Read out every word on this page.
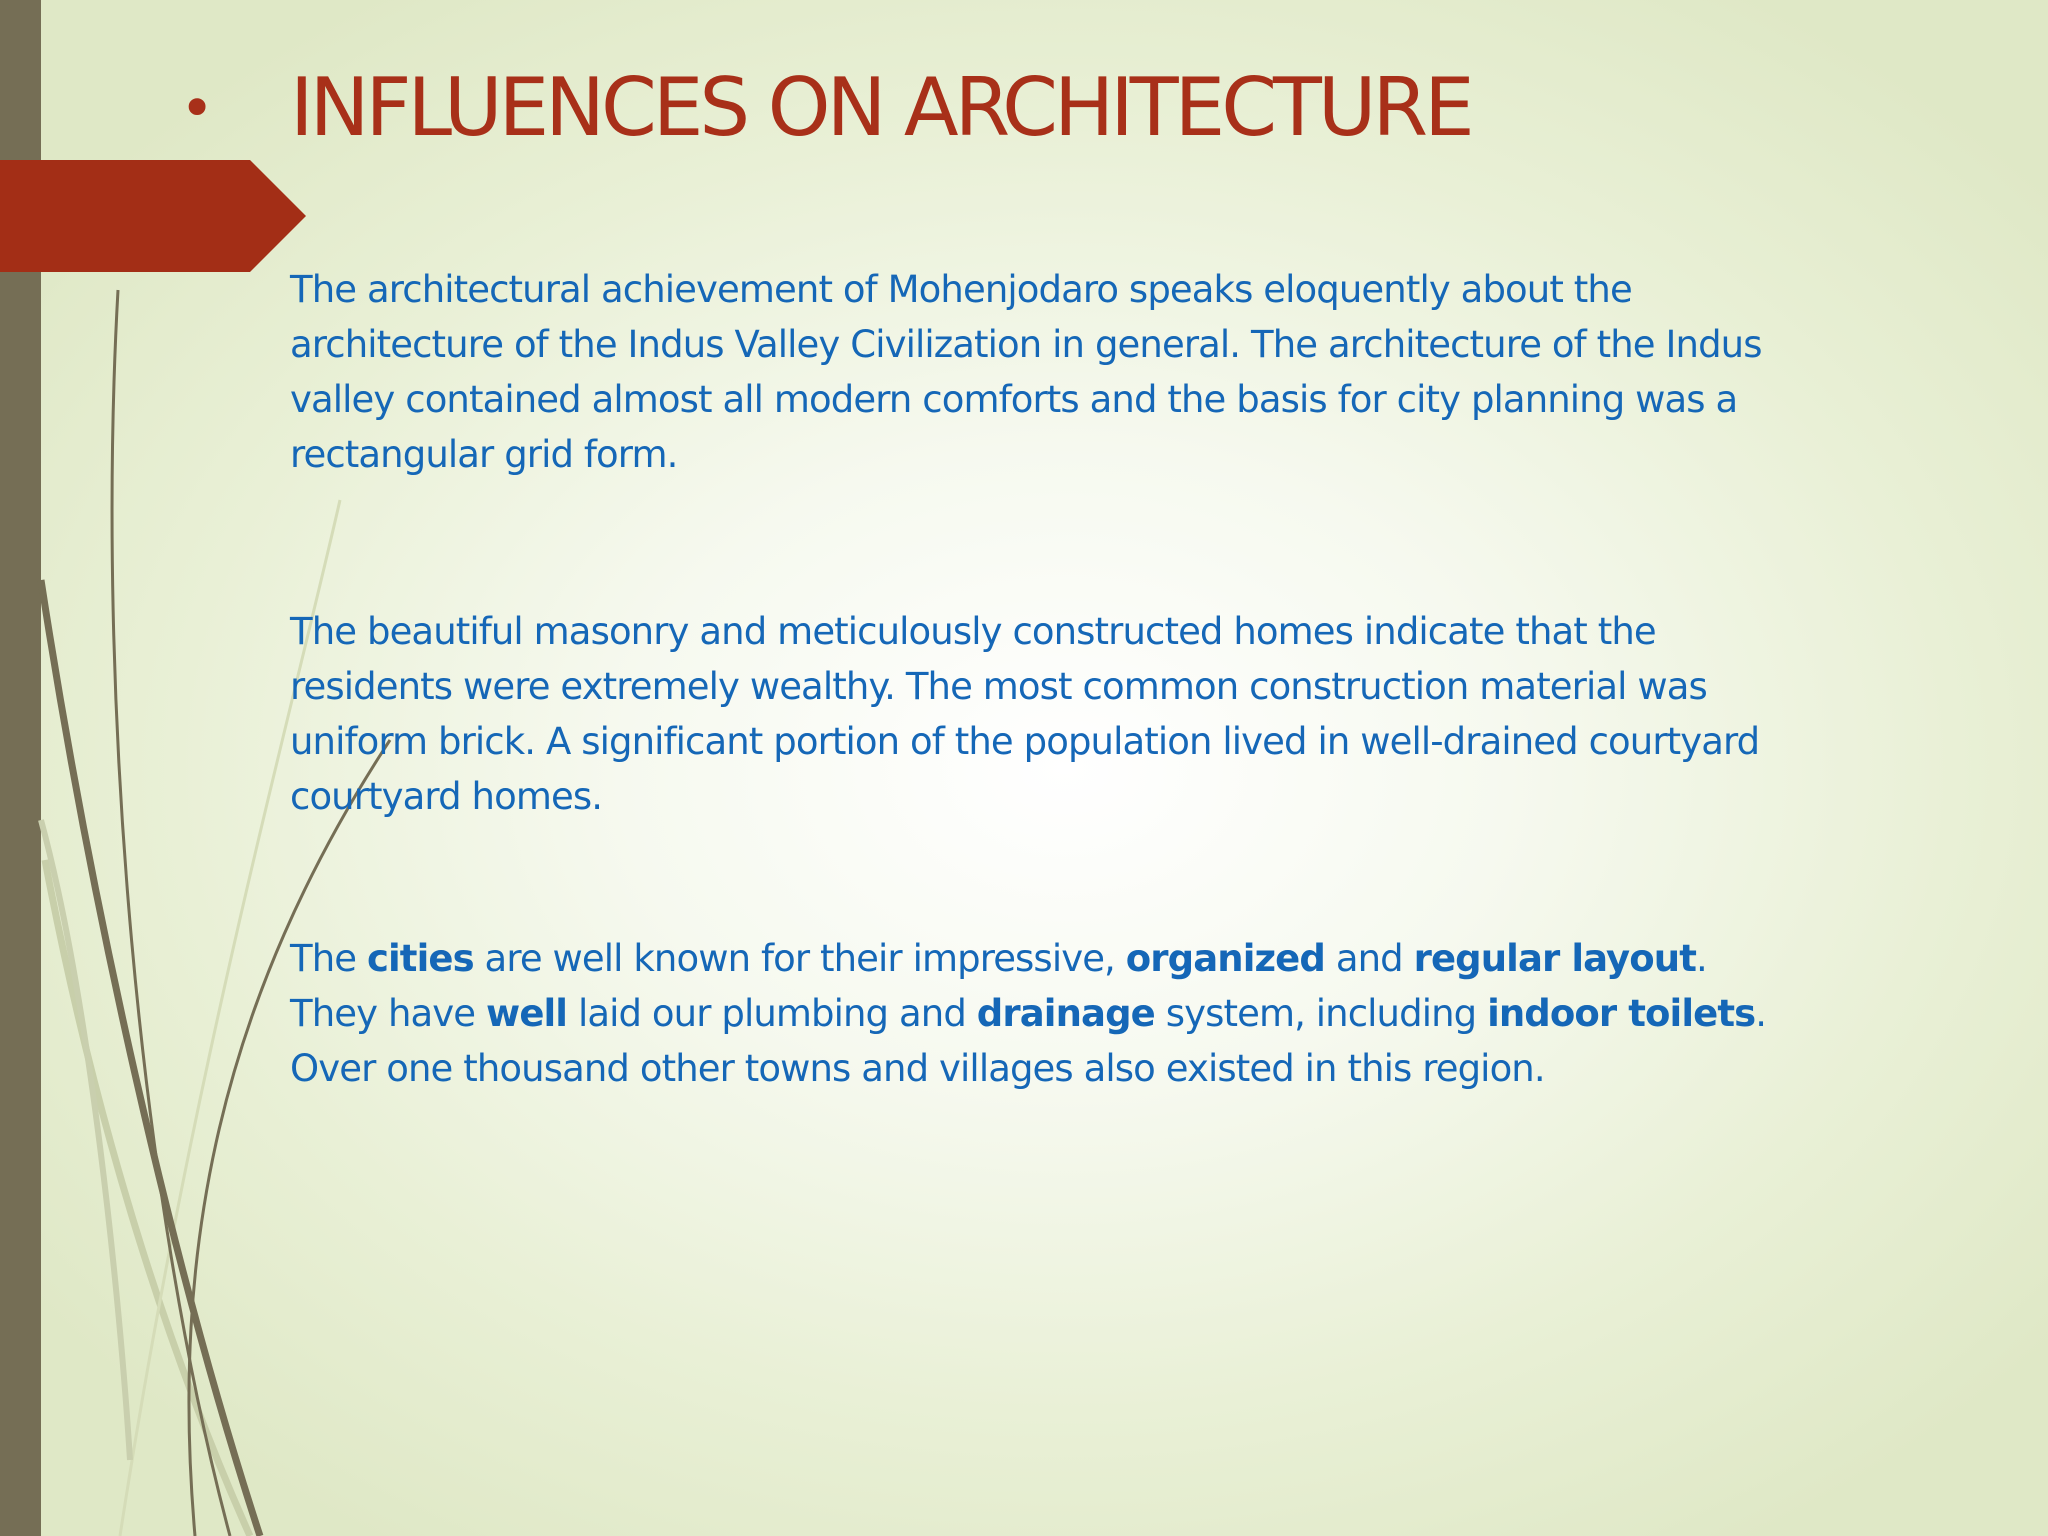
• INFLUENCES ON ARCHITECTURE

The architectural achievement of Mohenjodaro speaks eloquently about the
architecture of the Indus Valley Civilization in general. The architecture of the Indus
valley contained almost all modern comforts and the basis for city planning was a
rectangular grid form.

The beautiful masonry and meticulously constructed homes indicate that the
residents were extremely wealthy. The most common construction material was
uniform brick. A significant portion of the population lived in well-drained courtyard
courtyard homes.

The cities are well known for their impressive, organized and regular layout.
They have well laid our plumbing and drainage system, including indoor toilets.
Over one thousand other towns and villages also existed in this region.
